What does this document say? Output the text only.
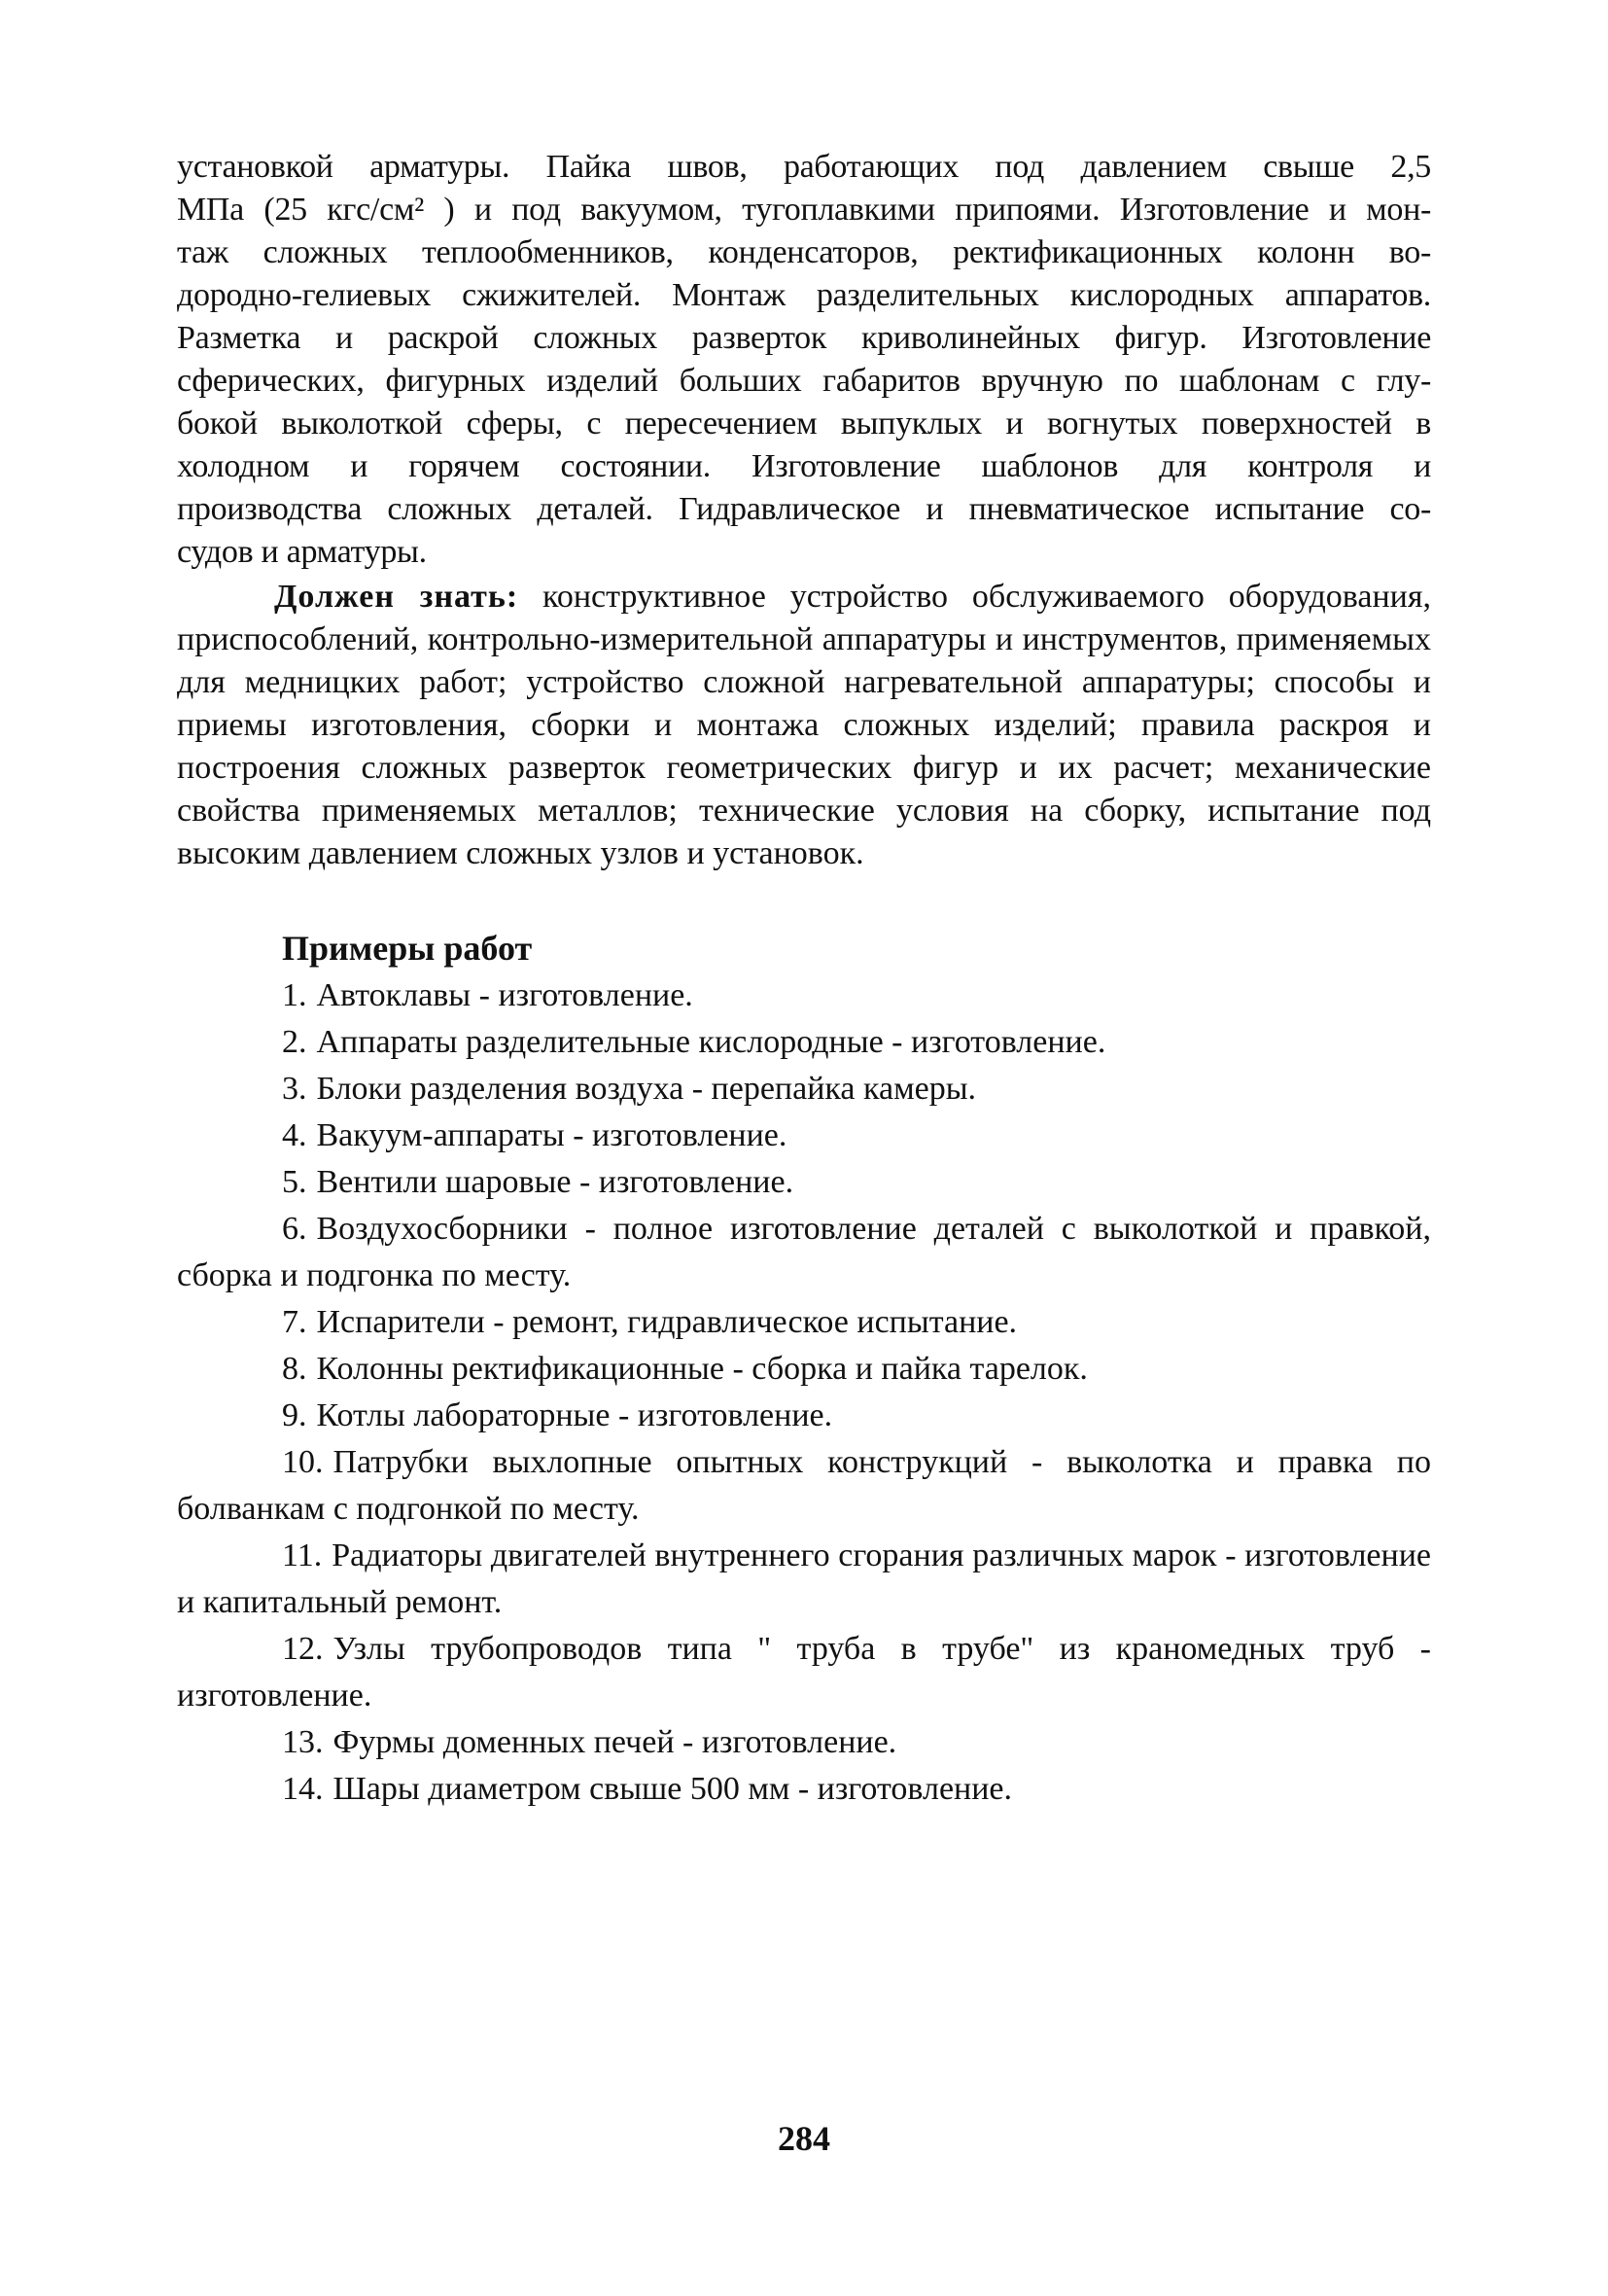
установкой арматуры. Пайка швов, работающих под давлением свыше 2,5
МПа (25 кгс/см² ) и под вакуумом, тугоплавкими припоями. Изготовление и мон-
таж сложных теплообменников, конденсаторов, ректификационных колонн во-
дородно-гелиевых сжижителей. Монтаж разделительных кислородных аппаратов.
Разметка и раскрой сложных разверток криволинейных фигур. Изготовление
сферических, фигурных изделий больших габаритов вручную по шаблонам с глу-
бокой выколоткой сферы, с пересечением выпуклых и вогнутых поверхностей в
холодном и горячем состоянии. Изготовление шаблонов для контроля и
производства сложных деталей. Гидравлическое и пневматическое испытание со-
судов и арматуры.

Должен знать: конструктивное устройство обслуживаемого оборудования, приспособлений, контрольно-измерительной аппаратуры и инструментов, применяемых для медницких работ; устройство сложной нагревательной аппаратуры; способы и приемы изготовления, сборки и монтажа сложных изделий; правила раскроя и построения сложных разверток геометрических фигур и их расчет; механические свойства применяемых металлов; технические условия на сборку, испытание под высоким давлением сложных узлов и установок.

Примеры работ

1. Автоклавы - изготовление.

2. Аппараты разделительные кислородные - изготовление.

3. Блоки разделения воздуха - перепайка камеры.

4. Вакуум-аппараты - изготовление.

5. Вентили шаровые - изготовление.

6. Воздухосборники - полное изготовление деталей с выколоткой и правкой, сборка и подгонка по месту.

7. Испарители - ремонт, гидравлическое испытание.

8. Колонны ректификационные - сборка и пайка тарелок.

9. Котлы лабораторные - изготовление.

10. Патрубки выхлопные опытных конструкций - выколотка и правка по болванкам с подгонкой по месту.

11. Радиаторы двигателей внутреннего сгорания различных марок - изготовление и капитальный ремонт.

12. Узлы трубопроводов типа " труба в трубе" из краномедных труб - изготовление.

13. Фурмы доменных печей - изготовление.

14. Шары диаметром свыше 500 мм - изготовление.

284
